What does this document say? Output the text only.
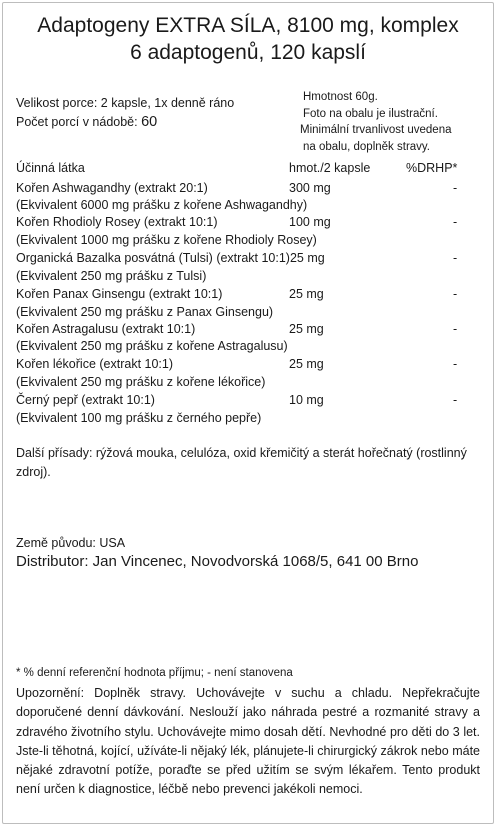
Adaptogeny EXTRA SÍLA, 8100 mg, komplex
6 adaptogenů, 120 kapslí
Velikost porce: 2 kapsle, 1x denně ráno
Počet porcí v nádobě: 60
Hmotnost 60g.
Foto na obalu je ilustrační.
Minimální trvanlivost uvedena
na obalu, doplněk stravy.
Účinná látka	hmot./2 kapsle	%DRHP*
Kořen Ashwagandhy (extrakt 20:1)	300 mg	-
(Ekvivalent 6000 mg prášku z kořene Ashwagandhy)
Kořen Rhodioly Rosey (extrakt 10:1)	100 mg	-
(Ekvivalent 1000 mg prášku z kořene Rhodioly Rosey)
Organická Bazalka posvátná (Tulsi) (extrakt 10:1)25 mg	-
(Ekvivalent 250 mg prášku z Tulsi)
Kořen Panax Ginsengu (extrakt 10:1)	25 mg	-
(Ekvivalent 250 mg prášku z Panax Ginsengu)
Kořen Astragalusu (extrakt 10:1)	25 mg	-
(Ekvivalent 250 mg prášku z kořene Astragalusu)
Kořen lékořice (extrakt 10:1)	25 mg	-
(Ekvivalent 250 mg prášku z kořene lékořice)
Černý pepř (extrakt 10:1)	10 mg	-
(Ekvivalent 100 mg prášku z černého pepře)
Další přísady: rýžová mouka, celulóza, oxid křemičitý a sterát hořečnatý (rostlinný zdroj).
Země původu: USA
Distributor: Jan Vincenec, Novodvorská 1068/5, 641 00 Brno
* % denní referenční hodnota příjmu; - není stanovena
Upozornění: Doplněk stravy. Uchovávejte v suchu a chladu. Nepřekračujte doporučené denní dávkování. Neslouží jako náhrada pestré a rozmanité stravy a zdravého životního stylu. Uchovávejte mimo dosah dětí. Nevhodné pro děti do 3 let. Jste-li těhotná, kojící, užíváte-li nějaký lék, plánujete-li chirurgický zákrok nebo máte nějaké zdravotní potíže, poraďte se před užitím se svým lékařem. Tento produkt není určen k diagnostice, léčbě nebo prevenci jakékoli nemoci.
